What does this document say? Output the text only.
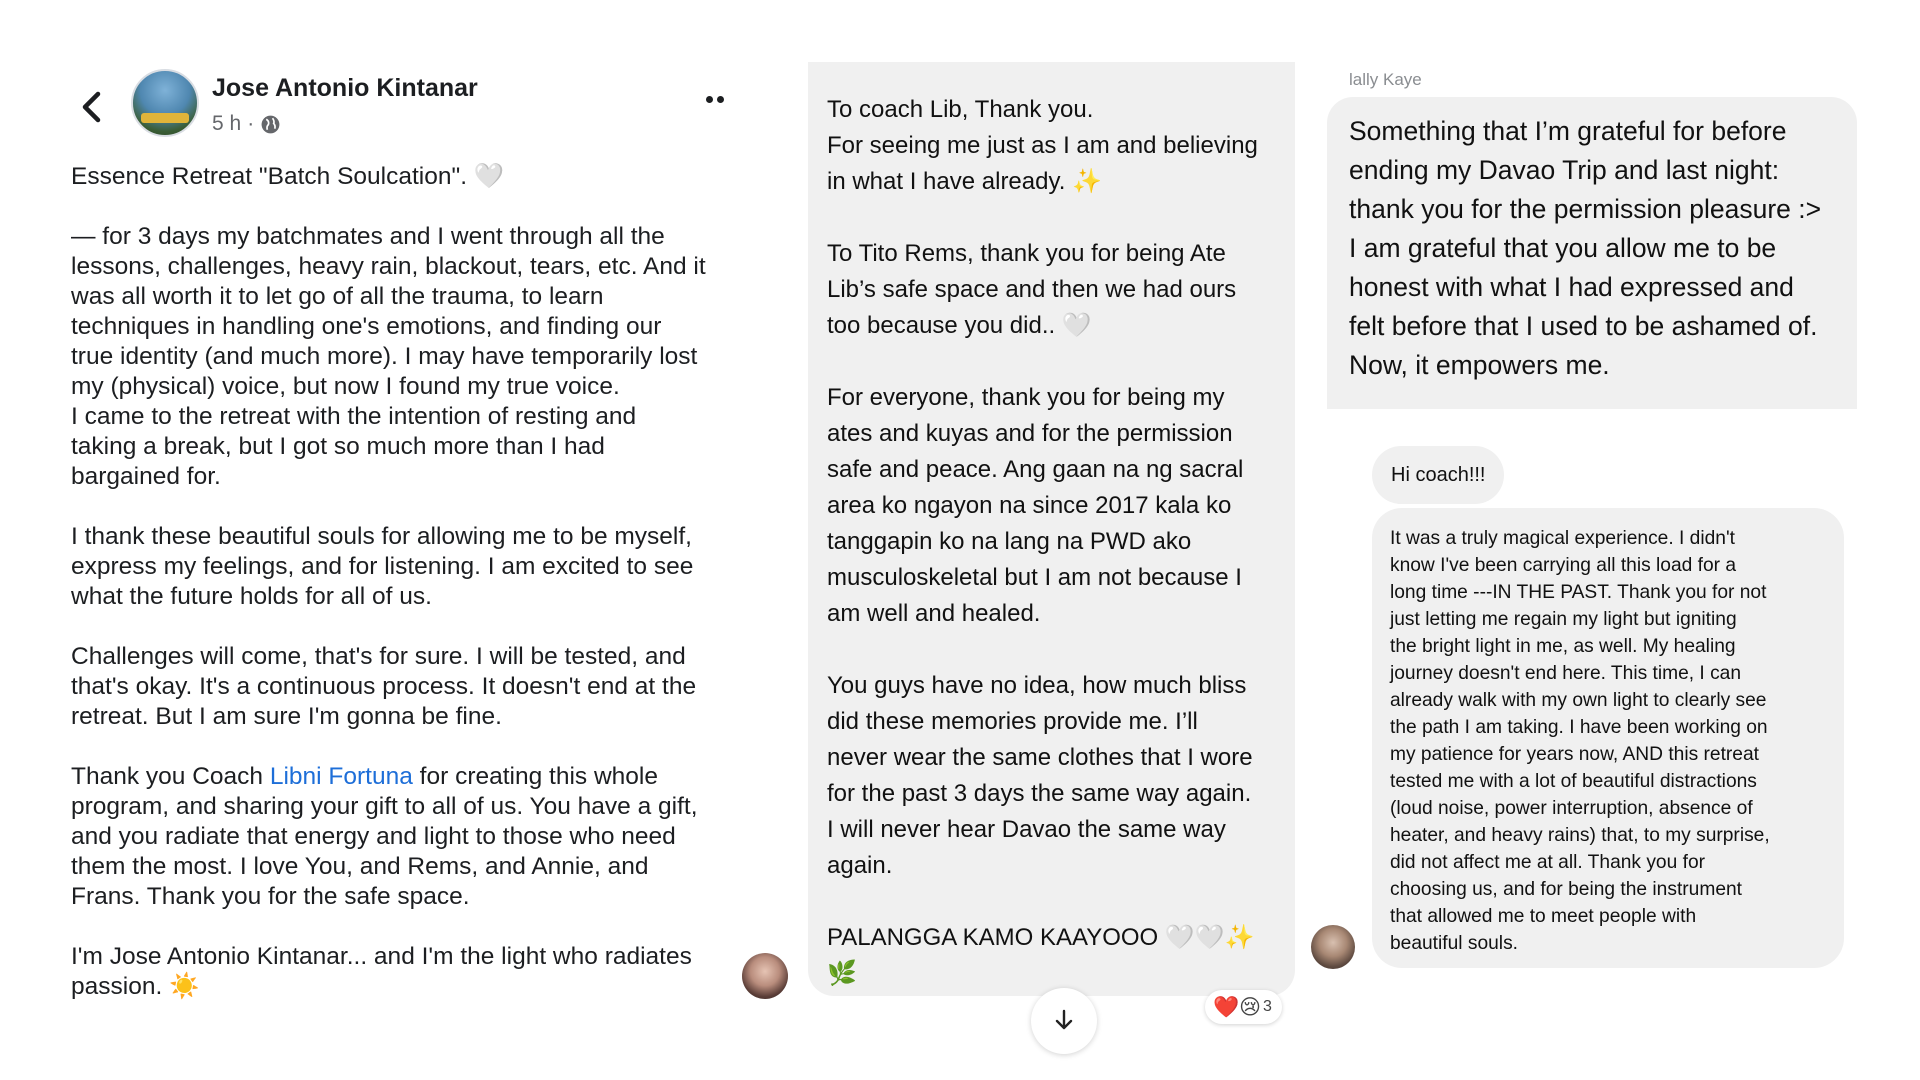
Jose Antonio Kintanar
5 h ·

Essence Retreat "Batch Soulcation". 🤍

— for 3 days my batchmates and I went through all the
lessons, challenges, heavy rain, blackout, tears, etc. And it
was all worth it to let go of all the trauma, to learn
techniques in handling one's emotions, and finding our
true identity (and much more). I may have temporarily lost
my (physical) voice, but now I found my true voice.
I came to the retreat with the intention of resting and
taking a break, but I got so much more than I had
bargained for.

I thank these beautiful souls for allowing me to be myself,
express my feelings, and for listening. I am excited to see
what the future holds for all of us.

Challenges will come, that's for sure. I will be tested, and
that's okay. It's a continuous process. It doesn't end at the
retreat. But I am sure I'm gonna be fine.

Thank you Coach Libni Fortuna for creating this whole
program, and sharing your gift to all of us. You have a gift,
and you radiate that energy and light to those who need
them the most. I love You, and Rems, and Annie, and
Frans. Thank you for the safe space.

I'm Jose Antonio Kintanar... and I'm the light who radiates
passion. ☀️

To coach Lib, Thank you.
For seeing me just as I am and believing
in what I have already. ✨

To Tito Rems, thank you for being Ate
Lib’s safe space and then we had ours
too because you did.. 🤍

For everyone, thank you for being my
ates and kuyas and for the permission
safe and peace. Ang gaan na ng sacral
area ko ngayon na since 2017 kala ko
tanggapin ko na lang na PWD ako
musculoskeletal but I am not because I
am well and healed.

You guys have no idea, how much bliss
did these memories provide me. I’ll
never wear the same clothes that I wore
for the past 3 days the same way again.
I will never hear Davao the same way
again.

PALANGGA KAMO KAAYOOO 🤍🤍✨
🌿

❤️😢 3
lally Kaye
Something that I’m grateful for before
ending my Davao Trip and last night:
thank you for the permission pleasure :>
I am grateful that you allow me to be
honest with what I had expressed and
felt before that I used to be ashamed of.
Now, it empowers me.
Hi coach!!!
It was a truly magical experience. I didn't
know I've been carrying all this load for a
long time ---IN THE PAST. Thank you for not
just letting me regain my light but igniting
the bright light in me, as well. My healing
journey doesn't end here. This time, I can
already walk with my own light to clearly see
the path I am taking. I have been working on
my patience for years now, AND this retreat
tested me with a lot of beautiful distractions
(loud noise, power interruption, absence of
heater, and heavy rains) that, to my surprise,
did not affect me at all. Thank you for
choosing us, and for being the instrument
that allowed me to meet people with
beautiful souls.
